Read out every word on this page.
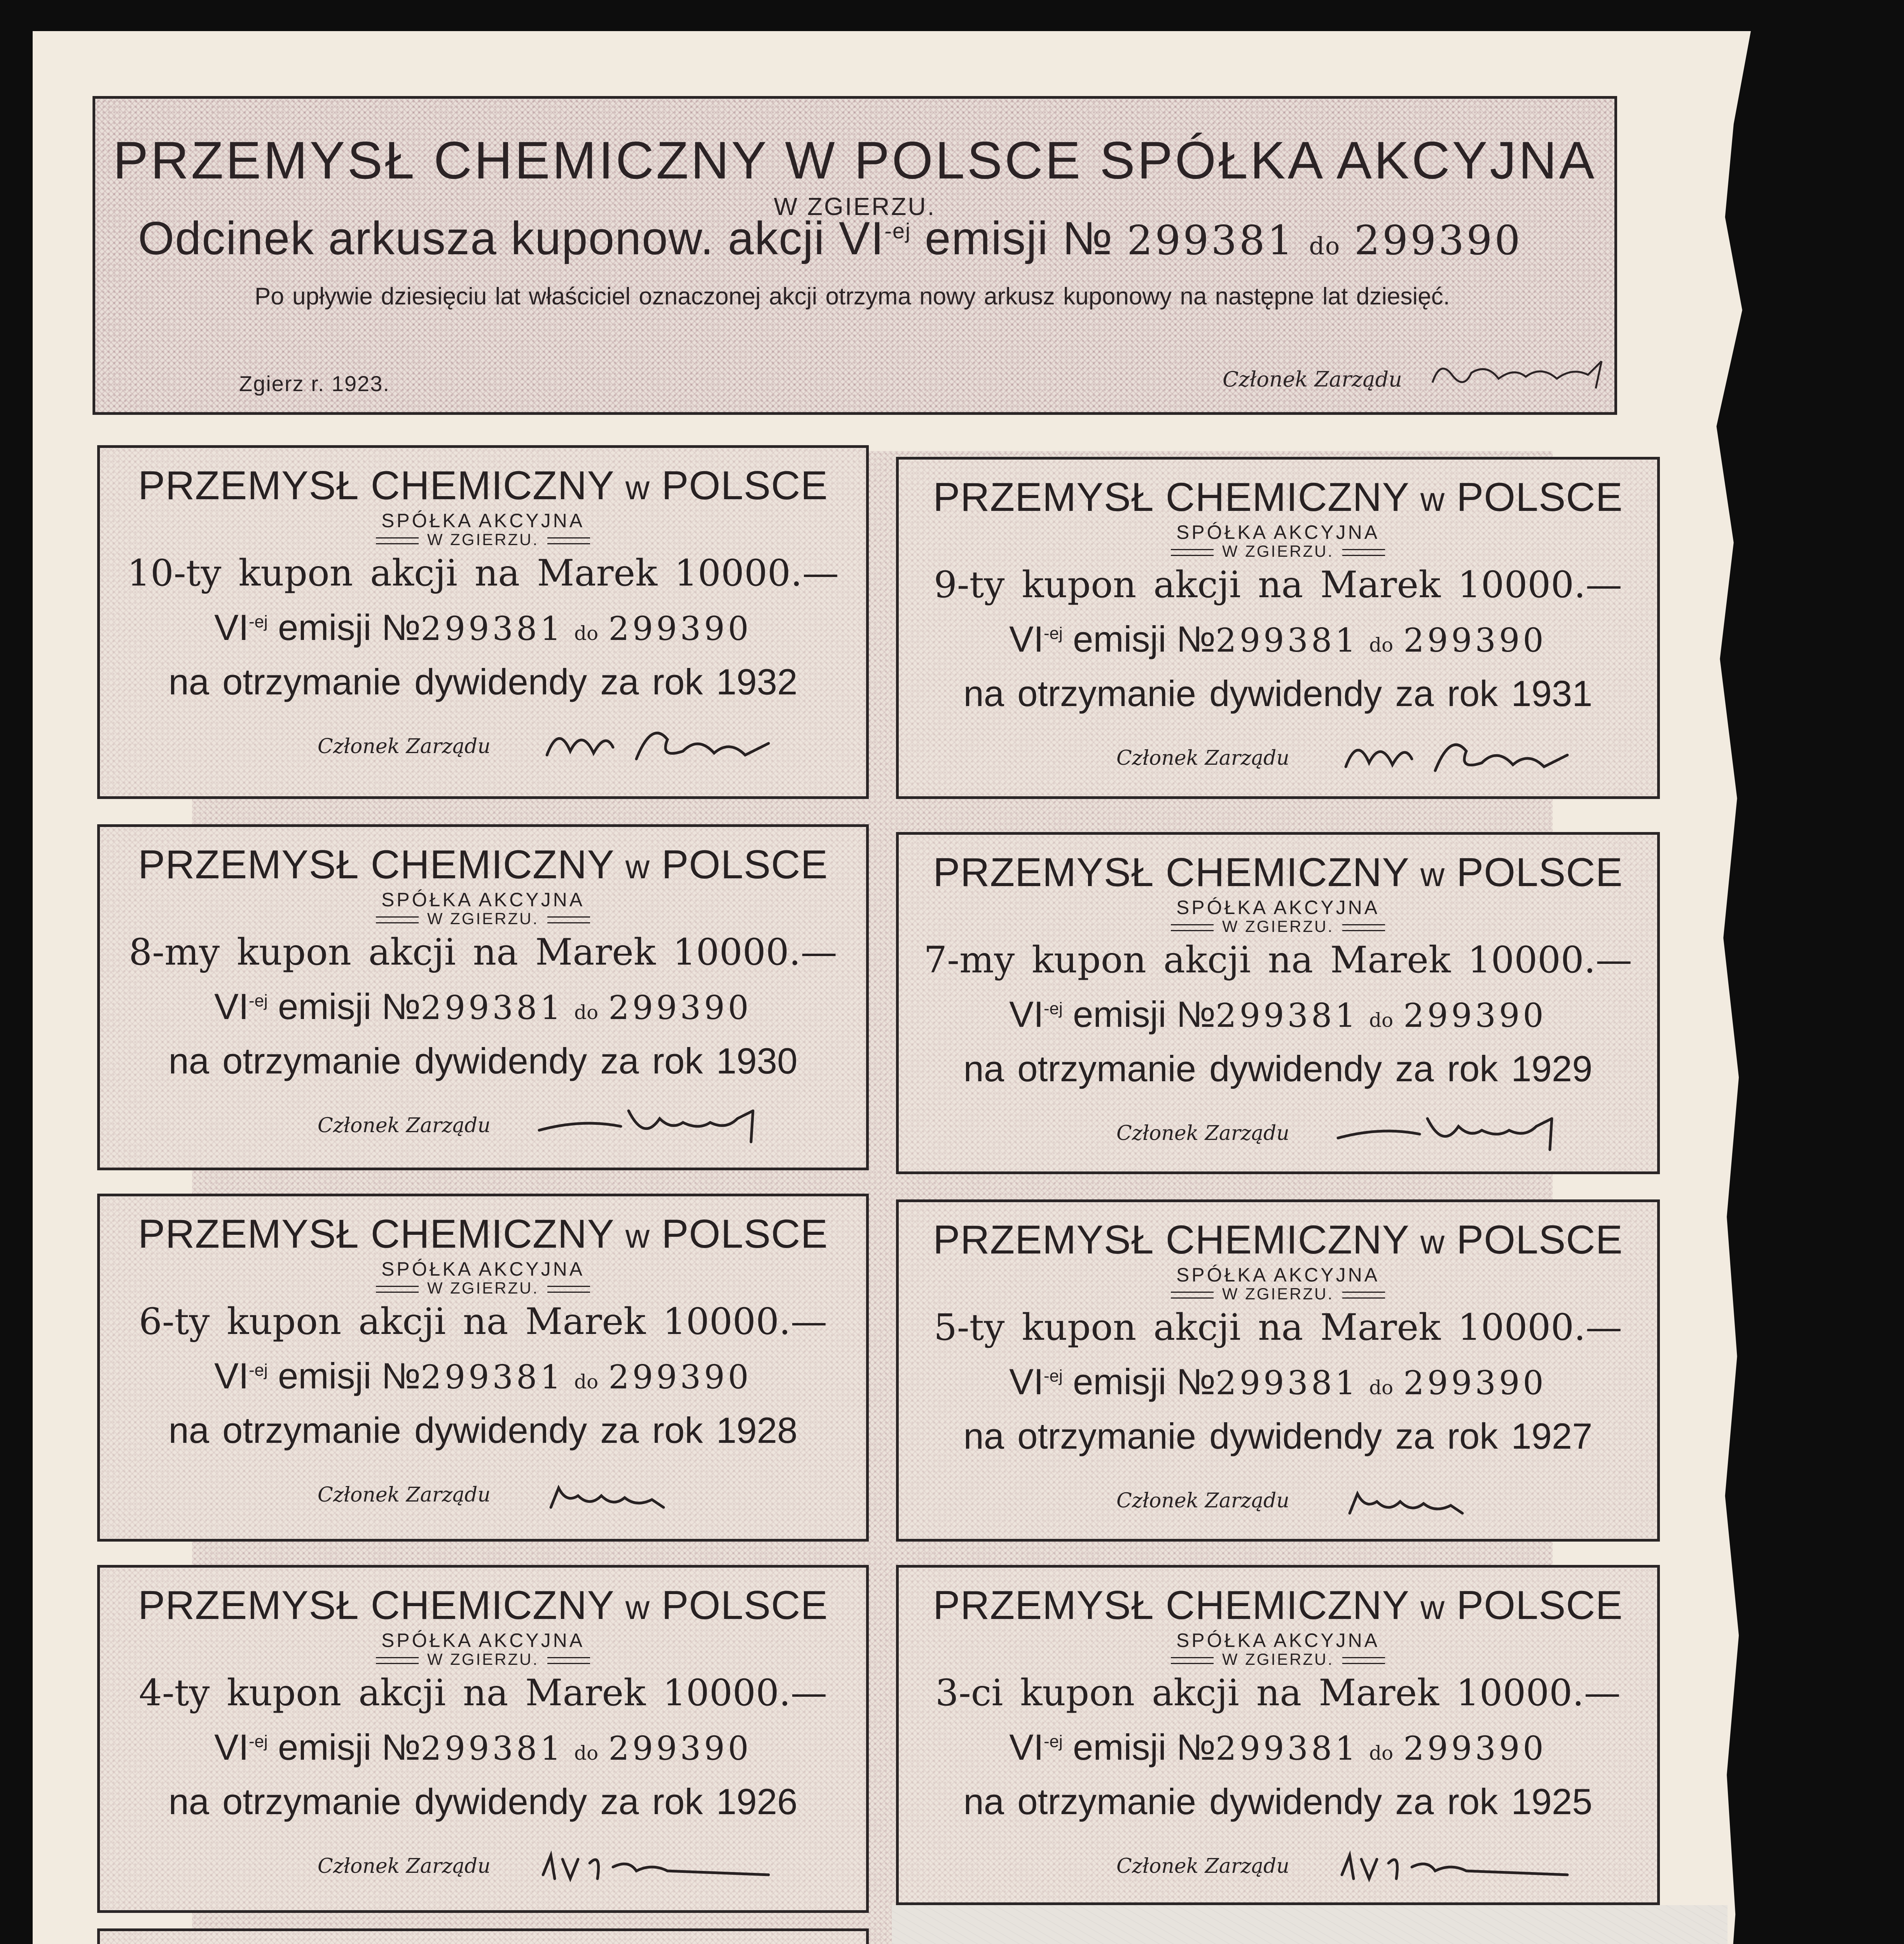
PRZEMYSŁ CHEMICZNY W POLSCE SPÓŁKA AKCYJNA
W ZGIERZU.
Odcinek arkusza kuponow. akcji $VI^{-ej}$ emisji № 299381 do 299390
Po upływie dziesięciu lat właściciel oznaczonej akcji otrzyma nowy arkusz kuponowy na następne lat dziesięć.
Zgierz r. 1923.	Członek Zarządu
PRZEMYSŁ CHEMICZNY w POLSCE
SPÓŁKA AKCYJNA
W ZGIERZU.
10-ty kupon akcji na Marek 10000.—
$VI^{-ej}$ emisji №299381 do 299390
na otrzymanie dywidendy za rok 1932
Członek Zarządu
PRZEMYSŁ CHEMICZNY w POLSCE
SPÓŁKA AKCYJNA
W ZGIERZU.
9-ty kupon akcji na Marek 10000.—
$VI^{-ej}$ emisji №299381 do 299390
na otrzymanie dywidendy za rok 1931
Członek Zarządu
PRZEMYSŁ CHEMICZNY w POLSCE
SPÓŁKA AKCYJNA
W ZGIERZU.
8-my kupon akcji na Marek 10000.—
$VI^{-ej}$ emisji №299381 do 299390
na otrzymanie dywidendy za rok 1930
Członek Zarządu
PRZEMYSŁ CHEMICZNY w POLSCE
SPÓŁKA AKCYJNA
W ZGIERZU.
7-my kupon akcji na Marek 10000.—
$VI^{-ej}$ emisji №299381 do 299390
na otrzymanie dywidendy za rok 1929
Członek Zarządu
PRZEMYSŁ CHEMICZNY w POLSCE
SPÓŁKA AKCYJNA
W ZGIERZU.
6-ty kupon akcji na Marek 10000.—
$VI^{-ej}$ emisji №299381 do 299390
na otrzymanie dywidendy za rok 1928
Członek Zarządu
PRZEMYSŁ CHEMICZNY w POLSCE
SPÓŁKA AKCYJNA
W ZGIERZU.
5-ty kupon akcji na Marek 10000.—
$VI^{-ej}$ emisji №299381 do 299390
na otrzymanie dywidendy za rok 1927
Członek Zarządu
PRZEMYSŁ CHEMICZNY w POLSCE
SPÓŁKA AKCYJNA
W ZGIERZU.
4-ty kupon akcji na Marek 10000.—
$VI^{-ej}$ emisji №299381 do 299390
na otrzymanie dywidendy za rok 1926
Członek Zarządu
PRZEMYSŁ CHEMICZNY w POLSCE
SPÓŁKA AKCYJNA
W ZGIERZU.
3-ci kupon akcji na Marek 10000.—
$VI^{-ej}$ emisji №299381 do 299390
na otrzymanie dywidendy za rok 1925
Członek Zarządu
